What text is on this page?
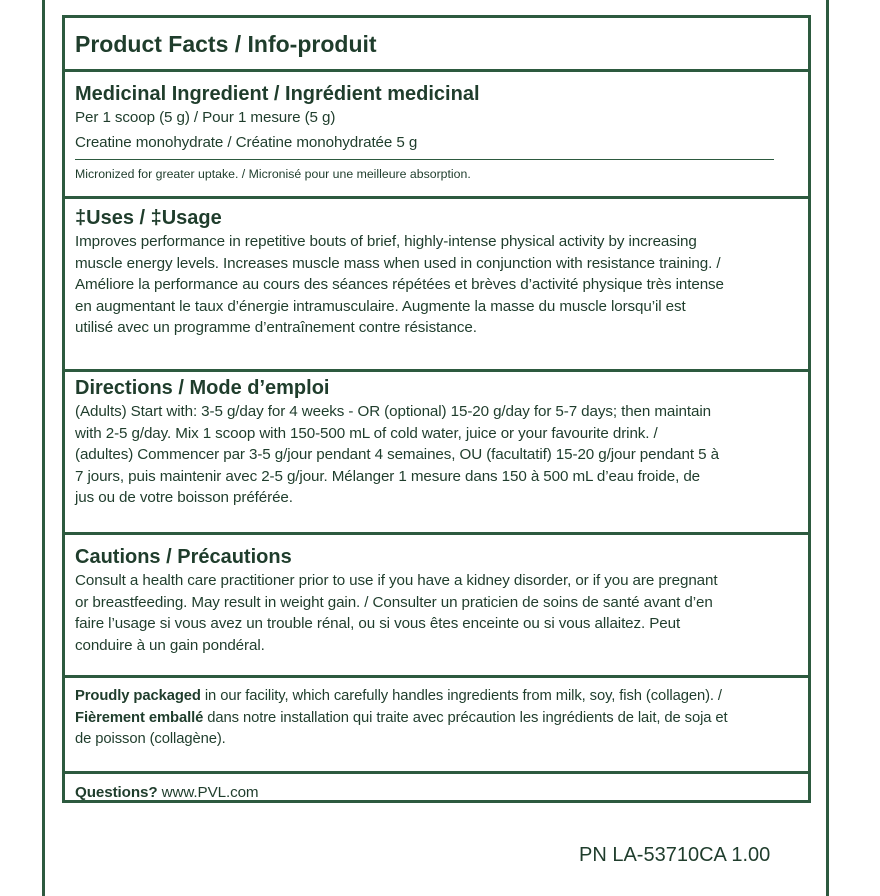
Product Facts / Info-produit
Medicinal Ingredient / Ingrédient medicinal
Per 1 scoop (5 g) / Pour 1 mesure (5 g)
Creatine monohydrate / Créatine monohydratée 5 g
Micronized for greater uptake. / Micronisé pour une meilleure absorption.
‡Uses / ‡Usage
Improves performance in repetitive bouts of brief, highly-intense physical activity by increasing
muscle energy levels. Increases muscle mass when used in conjunction with resistance training. /
Améliore la performance au cours des séances répétées et brèves d’activité physique très intense
en augmentant le taux d’énergie intramusculaire. Augmente la masse du muscle lorsqu’il est
utilisé avec un programme d’entraînement contre résistance.
Directions / Mode d’emploi
(Adults) Start with: 3-5 g/day for 4 weeks - OR (optional) 15-20 g/day for 5-7 days; then maintain
with 2-5 g/day. Mix 1 scoop with 150-500 mL of cold water, juice or your favourite drink. /
(adultes) Commencer par 3-5 g/jour pendant 4 semaines, OU (facultatif) 15-20 g/jour pendant 5 à
7 jours, puis maintenir avec 2-5 g/jour. Mélanger 1 mesure dans 150 à 500 mL d’eau froide, de
jus ou de votre boisson préférée.
Cautions / Précautions
Consult a health care practitioner prior to use if you have a kidney disorder, or if you are pregnant
or breastfeeding. May result in weight gain. / Consulter un praticien de soins de santé avant d’en
faire l’usage si vous avez un trouble rénal, ou si vous êtes enceinte ou si vous allaitez. Peut
conduire à un gain pondéral.
Proudly packaged in our facility, which carefully handles ingredients from milk, soy, fish (collagen). /
Fièrement emballé dans notre installation qui traite avec précaution les ingrédients de lait, de soja et
de poisson (collagène).
Questions? www.PVL.com
PN LA-53710CA 1.00
